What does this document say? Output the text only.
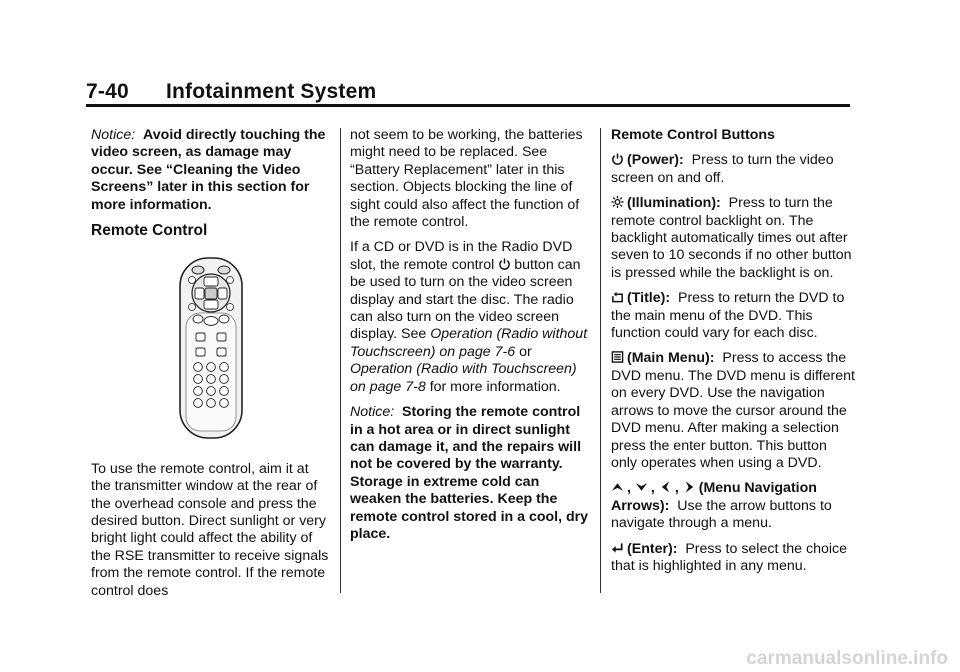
7-40 Infotainment System

Notice: Avoid directly touching the video screen, as damage may occur. See “Cleaning the Video Screens” later in this section for more information.

Remote Control

To use the remote control, aim it at the transmitter window at the rear of the overhead console and press the desired button. Direct sunlight or very bright light could affect the ability of the RSE transmitter to receive signals from the remote control. If the remote control does

not seem to be working, the batteries might need to be replaced. See “Battery Replacement” later in this section. Objects blocking the line of sight could also affect the function of the remote control.

If a CD or DVD is in the Radio DVD slot, the remote control button can be used to turn on the video screen display and start the disc. The radio can also turn on the video screen display. See Operation (Radio without Touchscreen) on page 7-6 or Operation (Radio with Touchscreen) on page 7-8 for more information.

Notice: Storing the remote control in a hot area or in direct sunlight can damage it, and the repairs will not be covered by the warranty. Storage in extreme cold can weaken the batteries. Keep the remote control stored in a cool, dry place.

Remote Control Buttons

(Power): Press to turn the video screen on and off.

(Illumination): Press to turn the remote control backlight on. The backlight automatically times out after seven to 10 seconds if no other button is pressed while the backlight is on.

(Title): Press to return the DVD to the main menu of the DVD. This function could vary for each disc.

(Main Menu): Press to access the DVD menu. The DVD menu is different on every DVD. Use the navigation arrows to move the cursor around the DVD menu. After making a selection press the enter button. This button only operates when using a DVD.

, , , (Menu Navigation Arrows): Use the arrow buttons to navigate through a menu.

(Enter): Press to select the choice that is highlighted in any menu.

carmanualsonline.info
